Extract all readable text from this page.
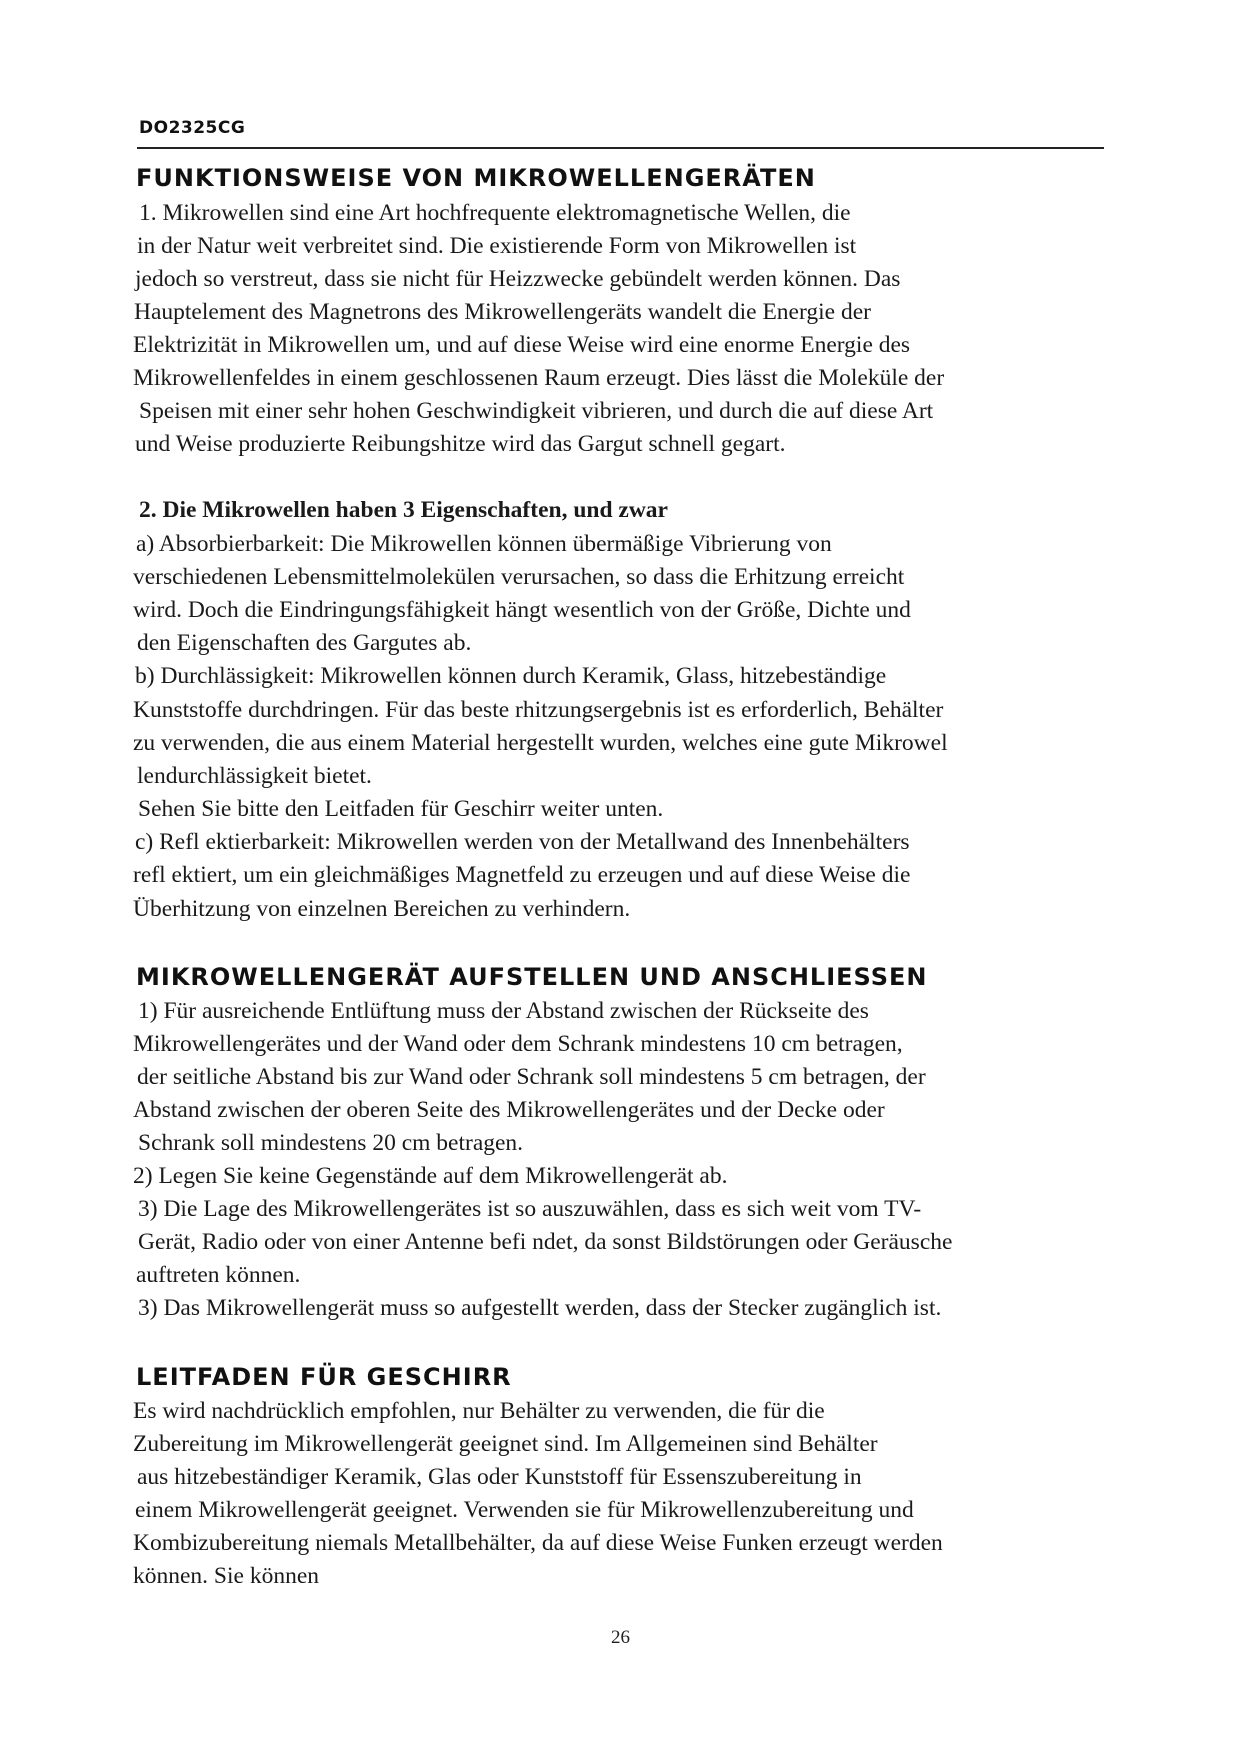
DO2325CG
FUNKTIONSWEISE VON MIKROWELLENGERÄTEN
1. Mikrowellen sind eine Art hochfrequente elektromagnetische Wellen, die
in der Natur weit verbreitet sind. Die existierende Form von Mikrowellen ist
jedoch so verstreut, dass sie nicht für Heizzwecke gebündelt werden können. Das
Hauptelement des Magnetrons des Mikrowellengeräts wandelt die Energie der
Elektrizität in Mikrowellen um, und auf diese Weise wird eine enorme Energie des
Mikrowellenfeldes in einem geschlossenen Raum erzeugt. Dies lässt die Moleküle der
Speisen mit einer sehr hohen Geschwindigkeit vibrieren, und durch die auf diese Art
und Weise produzierte Reibungshitze wird das Gargut schnell gegart.
2. Die Mikrowellen haben 3 Eigenschaften, und zwar
a) Absorbierbarkeit: Die Mikrowellen können übermäßige Vibrierung von
verschiedenen Lebensmittelmolekülen verursachen, so dass die Erhitzung erreicht
wird. Doch die Eindringungsfähigkeit hängt wesentlich von der Größe, Dichte und
den Eigenschaften des Gargutes ab.
b) Durchlässigkeit: Mikrowellen können durch Keramik, Glass, hitzebeständige
Kunststoffe durchdringen. Für das beste rhitzungsergebnis ist es erforderlich, Behälter
zu verwenden, die aus einem Material hergestellt wurden, welches eine gute Mikrowel
lendurchlässigkeit bietet.
Sehen Sie bitte den Leitfaden für Geschirr weiter unten.
c) Refl ektierbarkeit: Mikrowellen werden von der Metallwand des Innenbehälters
refl ektiert, um ein gleichmäßiges Magnetfeld zu erzeugen und auf diese Weise die
Überhitzung von einzelnen Bereichen zu verhindern.
MIKROWELLENGERÄT AUFSTELLEN UND ANSCHLIESSEN
1) Für ausreichende Entlüftung muss der Abstand zwischen der Rückseite des
Mikrowellengerätes und der Wand oder dem Schrank mindestens 10 cm betragen,
der seitliche Abstand bis zur Wand oder Schrank soll mindestens 5 cm betragen, der
Abstand zwischen der oberen Seite des Mikrowellengerätes und der Decke oder
Schrank soll mindestens 20 cm betragen.
2) Legen Sie keine Gegenstände auf dem Mikrowellengerät ab.
3) Die Lage des Mikrowellengerätes ist so auszuwählen, dass es sich weit vom TV-
Gerät, Radio oder von einer Antenne befi ndet, da sonst Bildstörungen oder Geräusche
auftreten können.
3) Das Mikrowellengerät muss so aufgestellt werden, dass der Stecker zugänglich ist.
LEITFADEN FÜR GESCHIRR
Es wird nachdrücklich empfohlen, nur Behälter zu verwenden, die für die
Zubereitung im Mikrowellengerät geeignet sind. Im Allgemeinen sind Behälter
aus hitzebeständiger Keramik, Glas oder Kunststoff für Essenszubereitung in
einem Mikrowellengerät geeignet. Verwenden sie für Mikrowellenzubereitung und
Kombizubereitung niemals Metallbehälter, da auf diese Weise Funken erzeugt werden
können. Sie können
26
